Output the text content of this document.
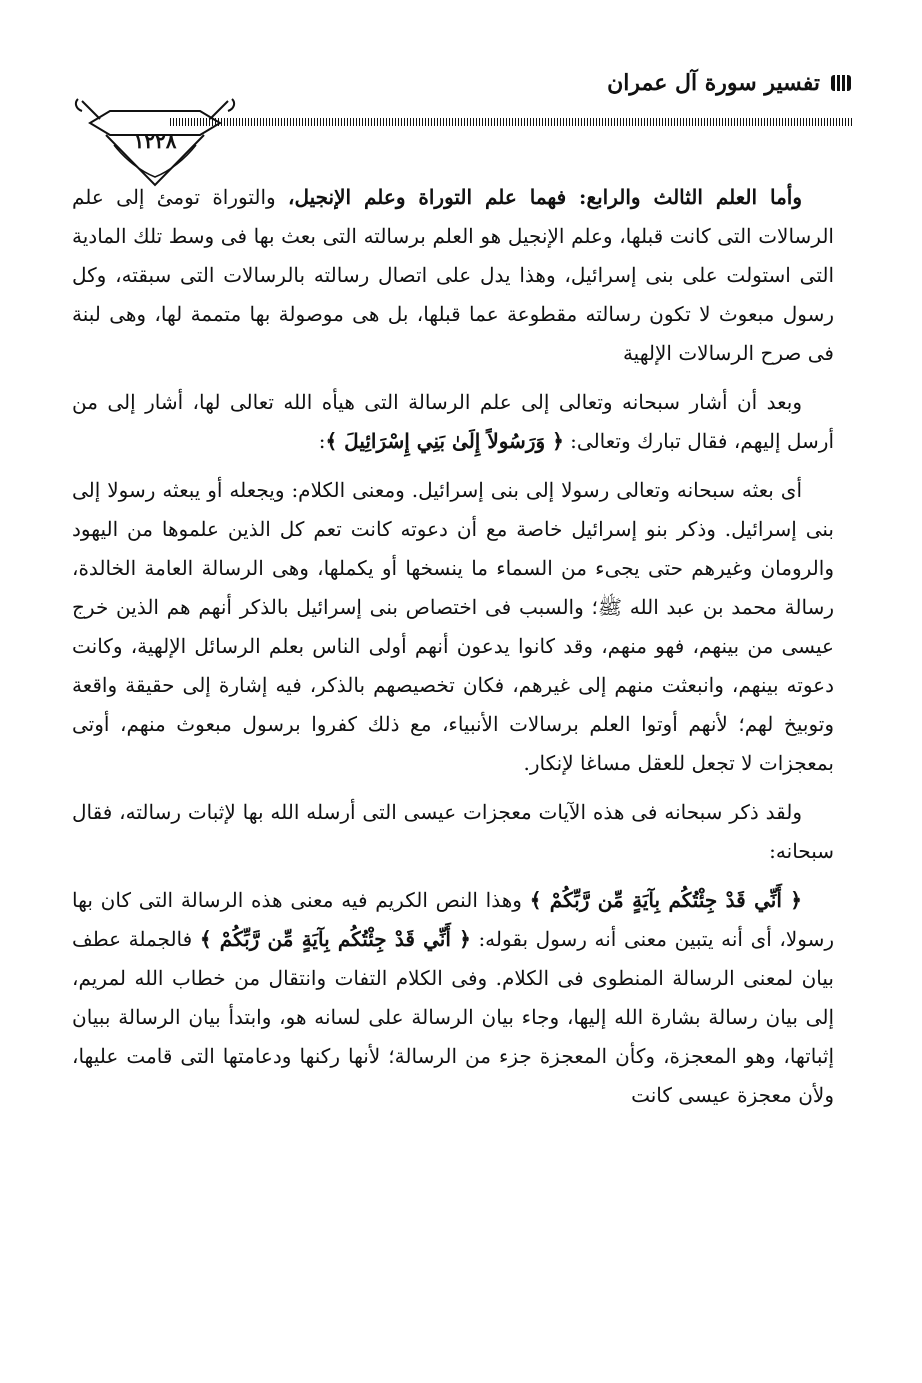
تفسير سورة آل عمران
١٢٢٨

وأما العلم الثالث والرابع: فهما علم التوراة وعلم الإنجيل، والتوراة تومئ إلى علم الرسالات التى كانت قبلها، وعلم الإنجيل هو العلم برسالته التى بعث بها فى وسط تلك المادية التى استولت على بنى إسرائيل، وهذا يدل على اتصال رسالته بالرسالات التى سبقته، وكل رسول مبعوث لا تكون رسالته مقطوعة عما قبلها، بل هى موصولة بها متممة لها، وهى لبنة فى صرح الرسالات الإلهية

وبعد أن أشار سبحانه وتعالى إلى علم الرسالة التى هيأه الله تعالى لها، أشار إلى من أرسل إليهم، فقال تبارك وتعالى: ﴿ وَرَسُولاً إِلَىٰ بَنِي إِسْرَائِيلَ ﴾:

أى بعثه سبحانه وتعالى رسولا إلى بنى إسرائيل. ومعنى الكلام: ويجعله أو يبعثه رسولا إلى بنى إسرائيل. وذكر بنو إسرائيل خاصة مع أن دعوته كانت تعم كل الذين علموها من اليهود والرومان وغيرهم حتى يجىء من السماء ما ينسخها أو يكملها، وهى الرسالة العامة الخالدة، رسالة محمد بن عبد الله ﷺ؛ والسبب فى اختصاص بنى إسرائيل بالذكر أنهم هم الذين خرج عيسى من بينهم، فهو منهم، وقد كانوا يدعون أنهم أولى الناس بعلم الرسائل الإلهية، وكانت دعوته بينهم، وانبعثت منهم إلى غيرهم، فكان تخصيصهم بالذكر، فيه إشارة إلى حقيقة واقعة وتوبيخ لهم؛ لأنهم أوتوا العلم برسالات الأنبياء، مع ذلك كفروا برسول مبعوث منهم، أوتى بمعجزات لا تجعل للعقل مساغا لإنكار.

ولقد ذكر سبحانه فى هذه الآيات معجزات عيسى التى أرسله الله بها لإثبات رسالته، فقال سبحانه:

﴿ أَنِّي قَدْ جِئْتُكُم بِآيَةٍ مِّن رَّبِّكُمْ ﴾ وهذا النص الكريم فيه معنى هذه الرسالة التى كان بها رسولا، أى أنه يتبين معنى أنه رسول بقوله: ﴿ أَنِّي قَدْ جِئْتُكُم بِآيَةٍ مِّن رَّبِّكُمْ ﴾ فالجملة عطف بيان لمعنى الرسالة المنطوى فى الكلام. وفى الكلام التفات وانتقال من خطاب الله لمريم، إلى بيان رسالة بشارة الله إليها، وجاء بيان الرسالة على لسانه هو، وابتدأ بيان الرسالة ببيان إثباتها، وهو المعجزة، وكأن المعجزة جزء من الرسالة؛ لأنها ركنها ودعامتها التى قامت عليها، ولأن معجزة عيسى كانت
